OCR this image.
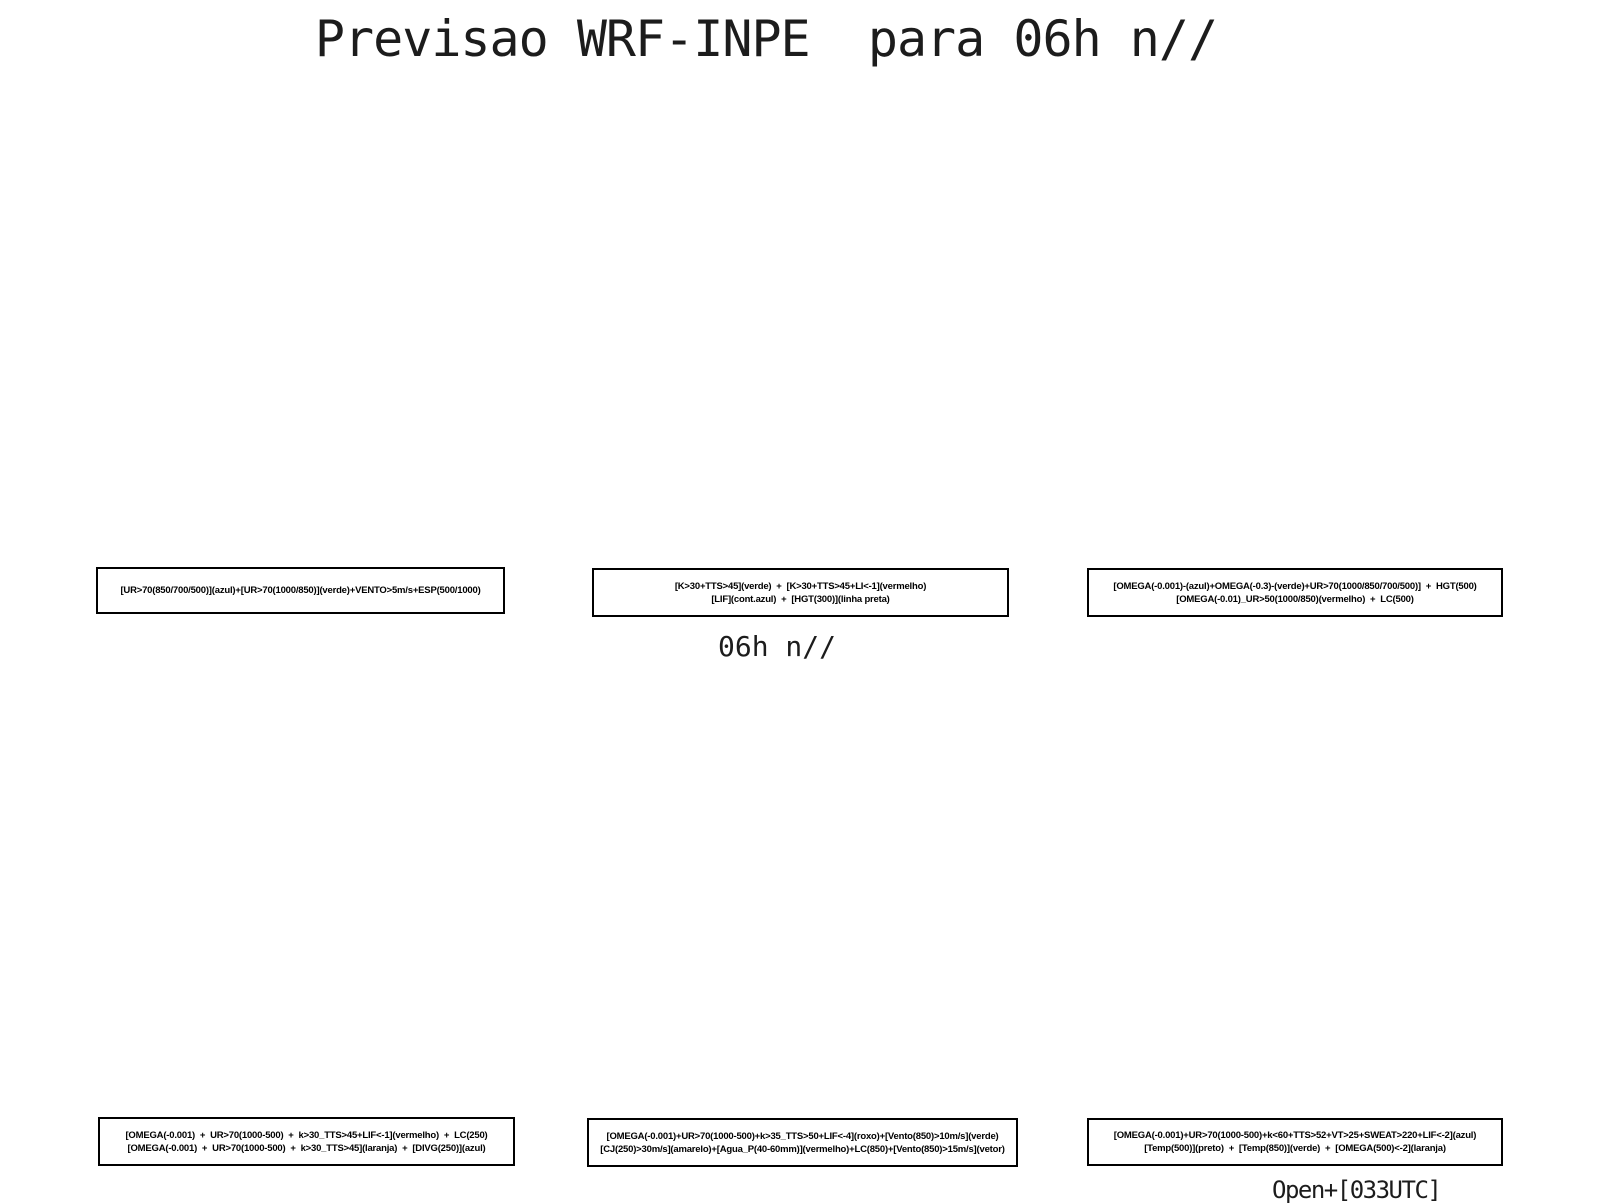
Previsao WRF-INPE  para 06h n//
[UR>70(850/700/500)](azul)+[UR>70(1000/850)](verde)+VENTO>5m/s+ESP(500/1000)	[K>30+TTS>45](verde)  +  [K>30+TTS>45+LI<-1](vermelho)
[LIF](cont.azul)  +  [HGT(300)](linha preta)
[OMEGA(-0.001)-(azul)+OMEGA(-0.3)-(verde)+UR>70(1000/850/700/500)]  +  HGT(500)
[OMEGA(-0.01)_UR>50(1000/850)(vermelho)  +  LC(500)
06h n//
[OMEGA(-0.001)  +  UR>70(1000-500)  +  k>30_TTS>45+LIF<-1](vermelho)  +  LC(250)
[OMEGA(-0.001)  +  UR>70(1000-500)  +  k>30_TTS>45](laranja)  +  [DIVG(250)](azul)
[OMEGA(-0.001)+UR>70(1000-500)+k>35_TTS>50+LIF<-4](roxo)+[Vento(850)>10m/s](verde)
[CJ(250)>30m/s](amarelo)+[Agua_P(40-60mm)](vermelho)+LC(850)+[Vento(850)>15m/s](vetor)
[OMEGA(-0.001)+UR>70(1000-500)+k<60+TTS>52+VT>25+SWEAT>220+LIF<-2](azul)
[Temp(500)](preto)  +  [Temp(850)](verde)  +  [OMEGA(500)<-2](laranja)
Open+[033UTC]
